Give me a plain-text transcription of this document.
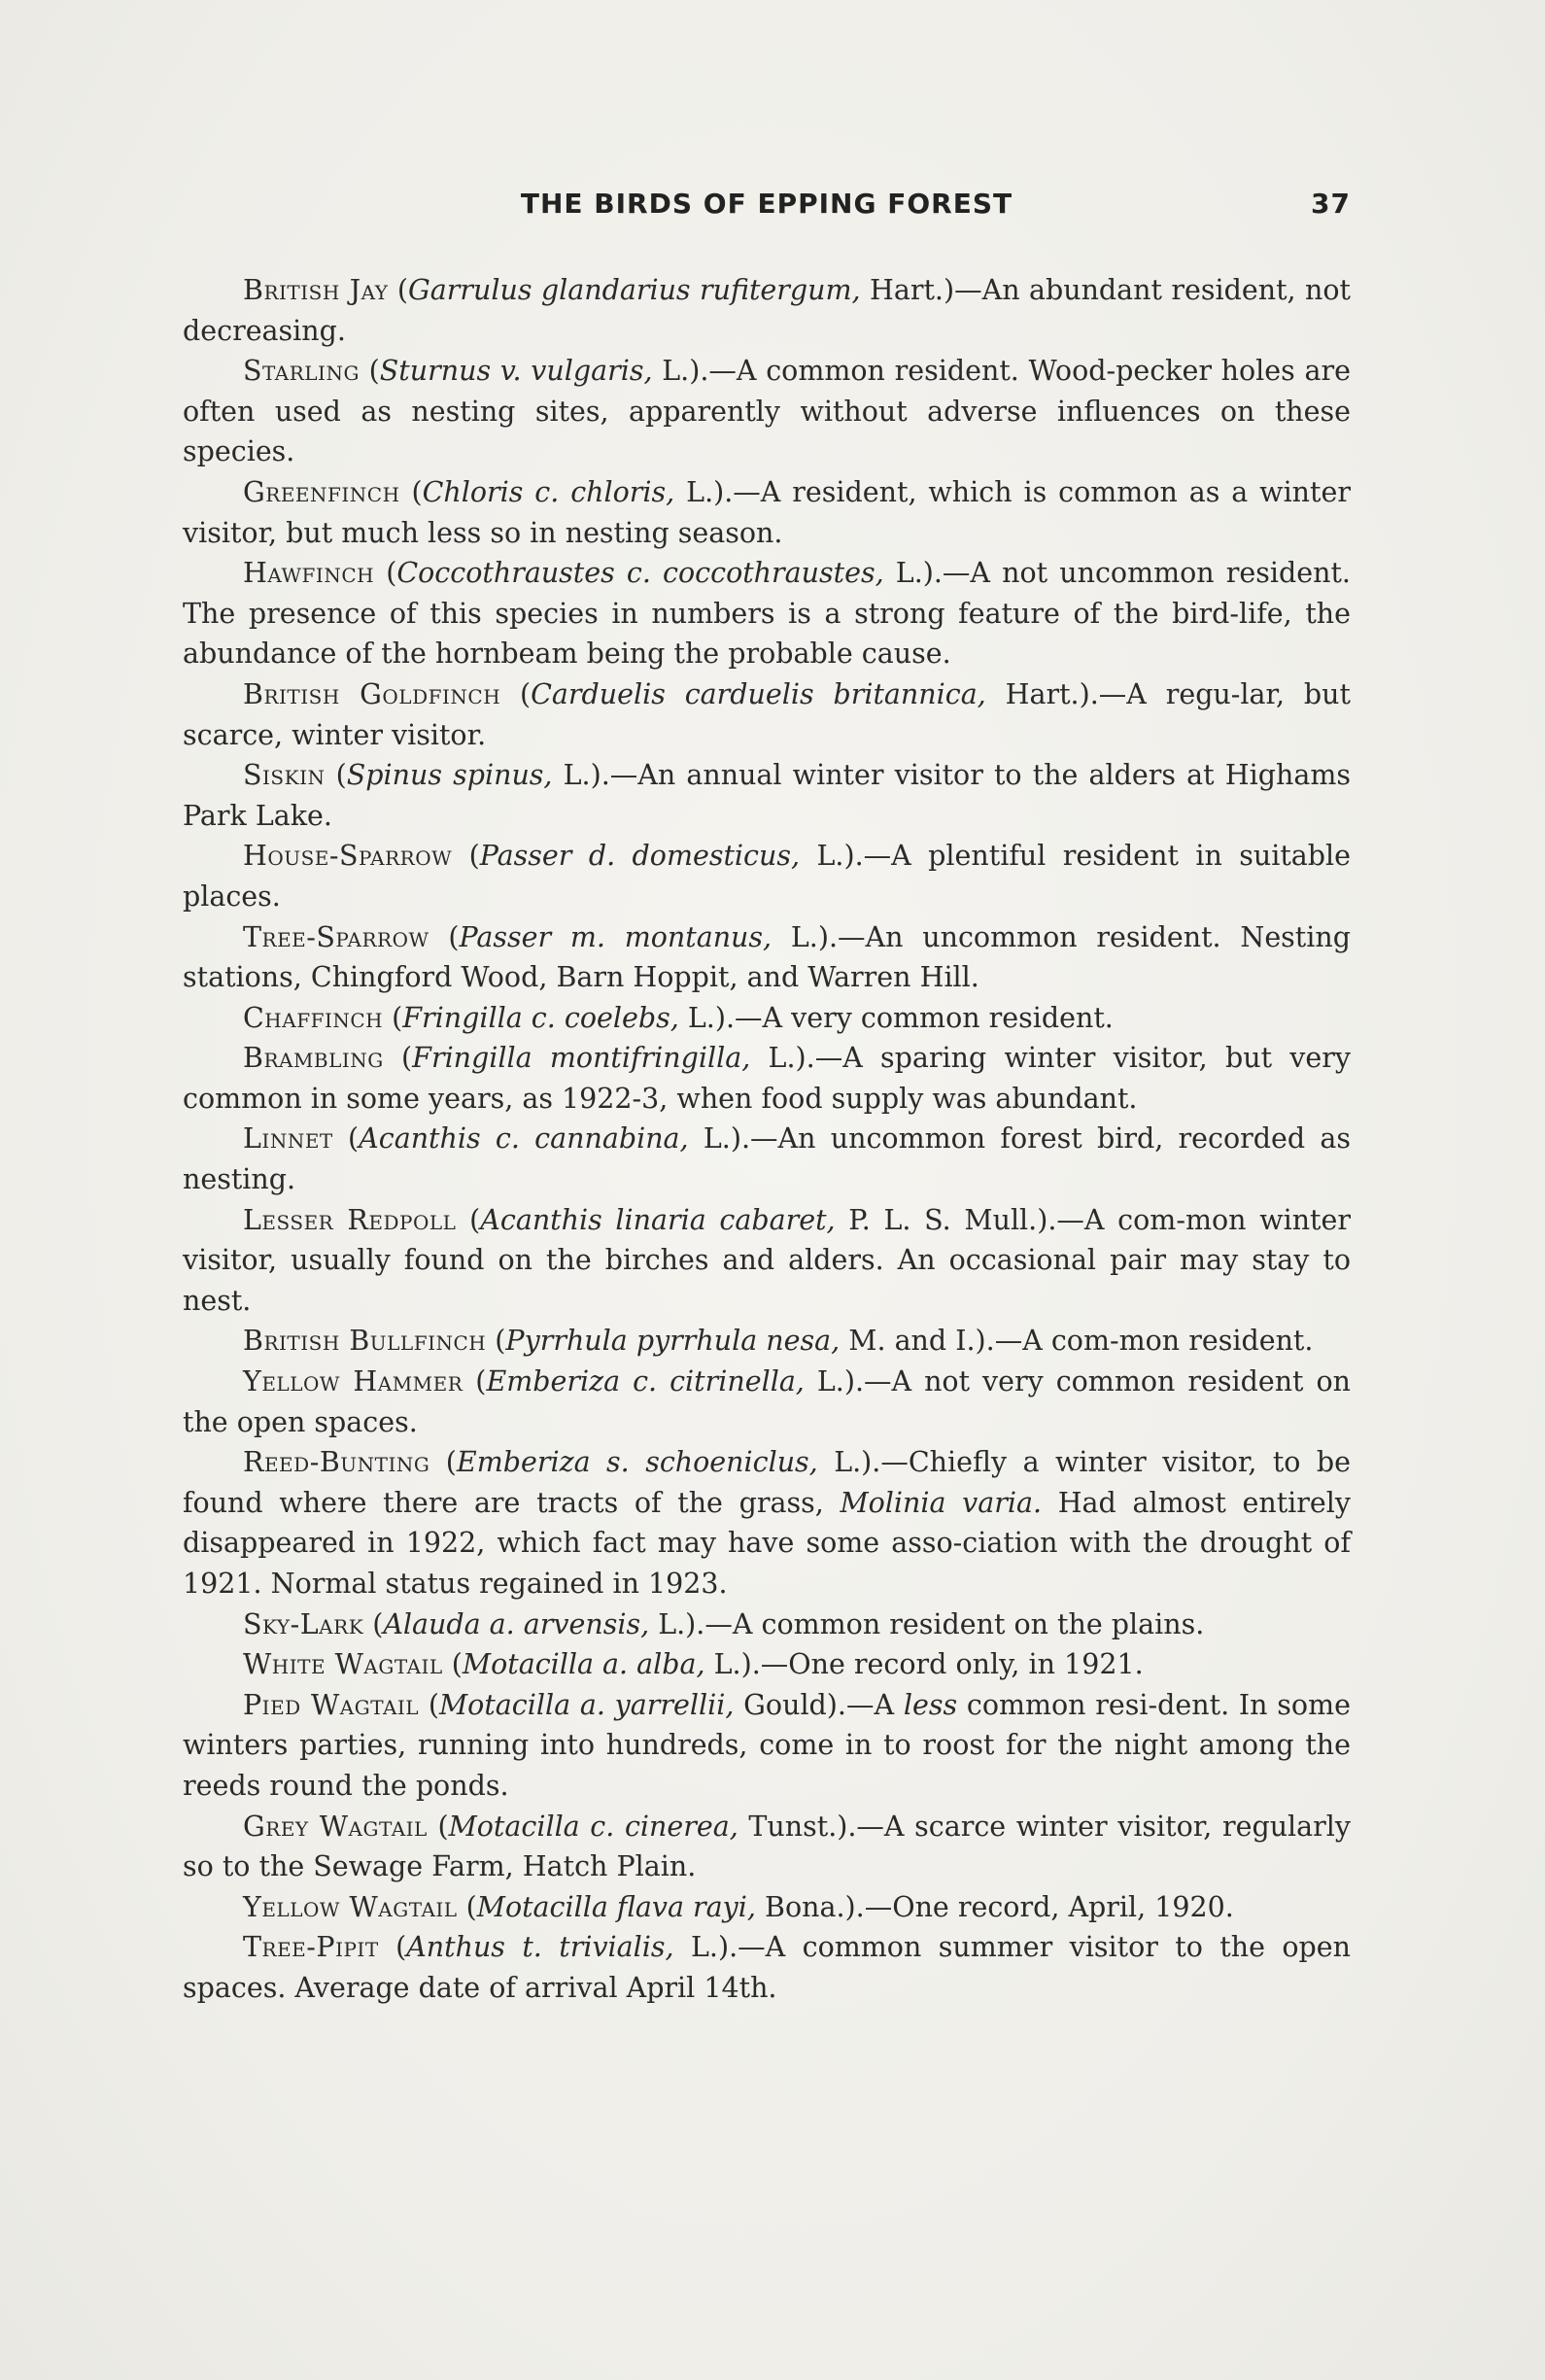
THE BIRDS OF EPPING FOREST	37

British Jay (Garrulus glandarius rufitergum, Hart.)—An abundant resident, not decreasing.

Starling (Sturnus v. vulgaris, L.).—A common resident. Wood-pecker holes are often used as nesting sites, apparently without adverse influences on these species.

Greenfinch (Chloris c. chloris, L.).—A resident, which is common as a winter visitor, but much less so in nesting season.

Hawfinch (Coccothraustes c. coccothraustes, L.).—A not uncommon resident. The presence of this species in numbers is a strong feature of the bird-life, the abundance of the hornbeam being the probable cause.

British Goldfinch (Carduelis carduelis britannica, Hart.).—A regu-lar, but scarce, winter visitor.

Siskin (Spinus spinus, L.).—An annual winter visitor to the alders at Highams Park Lake.

House-Sparrow (Passer d. domesticus, L.).—A plentiful resident in suitable places.

Tree-Sparrow (Passer m. montanus, L.).—An uncommon resident. Nesting stations, Chingford Wood, Barn Hoppit, and Warren Hill.

Chaffinch (Fringilla c. coelebs, L.).—A very common resident.

Brambling (Fringilla montifringilla, L.).—A sparing winter visitor, but very common in some years, as 1922-3, when food supply was abundant.

Linnet (Acanthis c. cannabina, L.).—An uncommon forest bird, recorded as nesting.

Lesser Redpoll (Acanthis linaria cabaret, P. L. S. Mull.).—A com-mon winter visitor, usually found on the birches and alders. An occasional pair may stay to nest.

British Bullfinch (Pyrrhula pyrrhula nesa, M. and I.).—A com-mon resident.

Yellow Hammer (Emberiza c. citrinella, L.).—A not very common resident on the open spaces.

Reed-Bunting (Emberiza s. schoeniclus, L.).—Chiefly a winter visitor, to be found where there are tracts of the grass, Molinia varia. Had almost entirely disappeared in 1922, which fact may have some asso-ciation with the drought of 1921. Normal status regained in 1923.

Sky-Lark (Alauda a. arvensis, L.).—A common resident on the plains.

White Wagtail (Motacilla a. alba, L.).—One record only, in 1921.

Pied Wagtail (Motacilla a. yarrellii, Gould).—A less common resi-dent. In some winters parties, running into hundreds, come in to roost for the night among the reeds round the ponds.

Grey Wagtail (Motacilla c. cinerea, Tunst.).—A scarce winter visitor, regularly so to the Sewage Farm, Hatch Plain.

Yellow Wagtail (Motacilla flava rayi, Bona.).—One record, April, 1920.

Tree-Pipit (Anthus t. trivialis, L.).—A common summer visitor to the open spaces. Average date of arrival April 14th.
